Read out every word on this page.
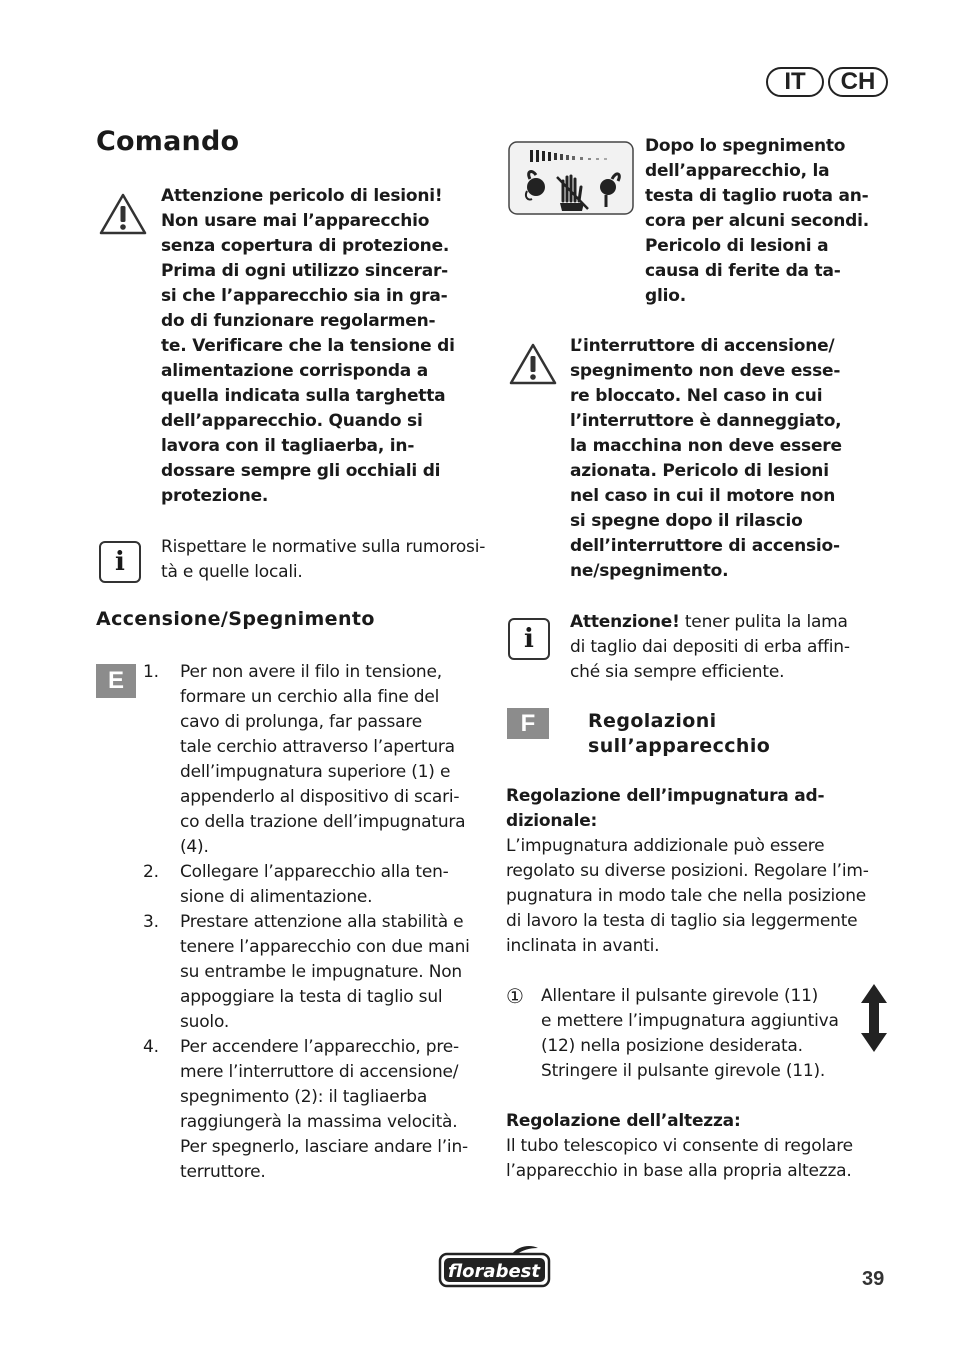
IT	CH
Comando
Attenzione pericolo di lesioni!
Non usare mai l’apparecchio
senza copertura di protezione.
Prima di ogni utilizzo sincerar-
si che l’apparecchio sia in gra-
do di funzionare regolarmen-
te. Verificare che la tensione di
alimentazione corrisponda a
quella indicata sulla targhetta
dell’apparecchio. Quando si
lavora con il tagliaerba, in-
dossare sempre gli occhiali di
protezione.
i	Rispettare le normative sulla rumorosi-
tà e quelle locali.
Accensione/Spegnimento
E	1. Per non avere il filo in tensione,
formare un cerchio alla fine del
cavo di prolunga, far passare
tale cerchio attraverso l’apertura
dell’impugnatura superiore (1) e
appenderlo al dispositivo di scari-
co della trazione dell’impugnatura
(4).
2. Collegare l’apparecchio alla ten-
sione di alimentazione.
3. Prestare attenzione alla stabilità e
tenere l’apparecchio con due mani
su entrambe le impugnature. Non
appoggiare la testa di taglio sul
suolo.
4. Per accendere l’apparecchio, pre-
mere l’interruttore di accensione/
spegnimento (2): il tagliaerba
raggiungerà la massima velocità.
Per spegnerlo, lasciare andare l’in-
terruttore.
Dopo lo spegnimento
dell’apparecchio, la
testa di taglio ruota an-
cora per alcuni secondi.
Pericolo di lesioni a
causa di ferite da ta-
glio.
L’interruttore di accensione/
spegnimento non deve esse-
re bloccato. Nel caso in cui
l’interruttore è danneggiato,
la macchina non deve essere
azionata. Pericolo di lesioni
nel caso in cui il motore non
si spegne dopo il rilascio
dell’interruttore di accensio-
ne/spegnimento.
i
Attenzione! tener pulita la lama
di taglio dai depositi di erba affin-
ché sia sempre efficiente.
F	Regolazioni
sull’apparecchio
Regolazione dell’impugnatura ad-
dizionale:
L’impugnatura addizionale può essere
regolato su diverse posizioni. Regolare l’im-
pugnatura in modo tale che nella posizione
di lavoro la testa di taglio sia leggermente
inclinata in avanti.
①	Allentare il pulsante girevole (11)
e mettere l’impugnatura aggiuntiva
(12) nella posizione desiderata.
Stringere il pulsante girevole (11).
Regolazione dell’altezza:
Il tubo telescopico vi consente di regolare
l’apparecchio in base alla propria altezza.
florabest	39
